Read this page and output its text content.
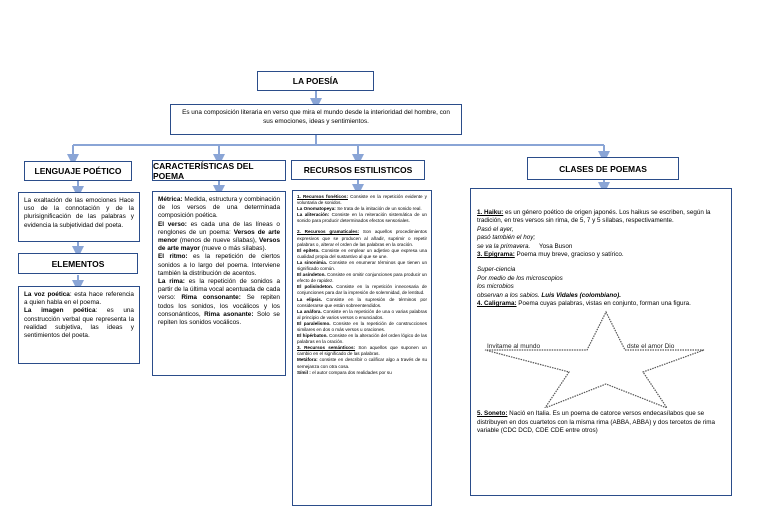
LA POESÍA
Es una composición literaria en verso que mira el mundo desde la interioridad del hombre, con sus emociones, ideas y sentimientos.
LENGUAJE POÉTICO
La exaltación de las emociones Hace uso de la connotación y de la plurisignificación de las palabras y evidencia la subjetividad del poeta.
ELEMENTOS

La voz poética: esta hace referencia a quien habla en el poema.

La imagen poética: es una construcción verbal que representa la realidad subjetiva, las ideas y sentimientos del poeta.

CARACTERÍSTICAS DEL POEMA

Métrica: Medida, estructura y combinación de los versos de una determinada composición poética.

El verso: es cada una de las líneas o renglones de un poema: Versos de arte menor (menos de nueve sílabas), Versos de arte mayor (nueve o más sílabas).

El ritmo: es la repetición de ciertos sonidos a lo largo del poema. Interviene también la distribución de acentos.

La rima: es la repetición de sonidos a partir de la última vocal acentuada de cada verso: Rima consonante: Se repiten todos los sonidos, los vocálicos y los consonánticos, Rima asonante: Solo se repiten los sonidos vocálicos.

RECURSOS ESTILISTICOS

1. Recursos fonéticos: Consiste en la repetición evidente y voluntaria de sonidos.

La Onomatopeya: Se trata de la imitación de un sonido real.

La aliteración: Consiste en la reiteración sistemática de un sonido para producir determinados efectos sensoriales.

2. Recursos gramaticales: Son aquellos procedimientos expresivos que se producen al añadir, suprimir o repetir palabras o, alterar el orden de las palabras en la oración.

El epíteto. Consiste en emplear un adjetivo que expresa una cualidad propia del sustantivo al que se une.

La sinonimia. Consiste en enumerar términos que tienen un significado común.

El asíndeton. Consiste en omitir conjunciones para producir un efecto de rapidez.

El polisíndeton. Consiste en la repetición innecesaria de conjunciones para dar la impresión de solemnidad, de lentitud.

La elipsis. Consiste en la supresión de términos por considerarse que están sobreentendidos.

La anáfora. Consiste en la repetición de una o varias palabras al principio de varios versos o enunciados.

El paralelismo. Consiste en la repetición de construcciones similares en dos o más versos u oraciones.

El hipérbaton. Consiste en la alteración del orden lógico de las palabras en la oración.

3. Recursos semánticos: Son aquellos que suponen un cambio en el significado de las palabras.

Metáfora: consiste en describir o calificar algo a través de su semejanza con otra cosa.

Símil : el autor compara dos realidades por su

CLASES DE POEMAS

1. Haiku: es un género poético de origen japonés. Los haikus se escriben, según la tradición, en tres versos sin rima, de 5, 7 y 5 sílabas, respectivamente.

Pasó el ayer,
pasó también el hoy;
se va la primavera. Yosa Buson

3. Epigrama: Poema muy breve, gracioso y satírico.

Super-ciencia
Por medio de los microscopios
los microbios
observan a los sabios. Luis Vidales (colombiano).

4. Caligrama: Poema cuyas palabras, vistas en conjunto, forman una figura.

Invitame al mundo	dste el amor Dio

5. Soneto: Nació en Italia. Es un poema de catorce versos endecasílabos que se distribuyen en dos cuartetos con la misma rima (ABBA, ABBA) y dos tercetos de rima variable (CDC DCD, CDE CDE entre otros)
